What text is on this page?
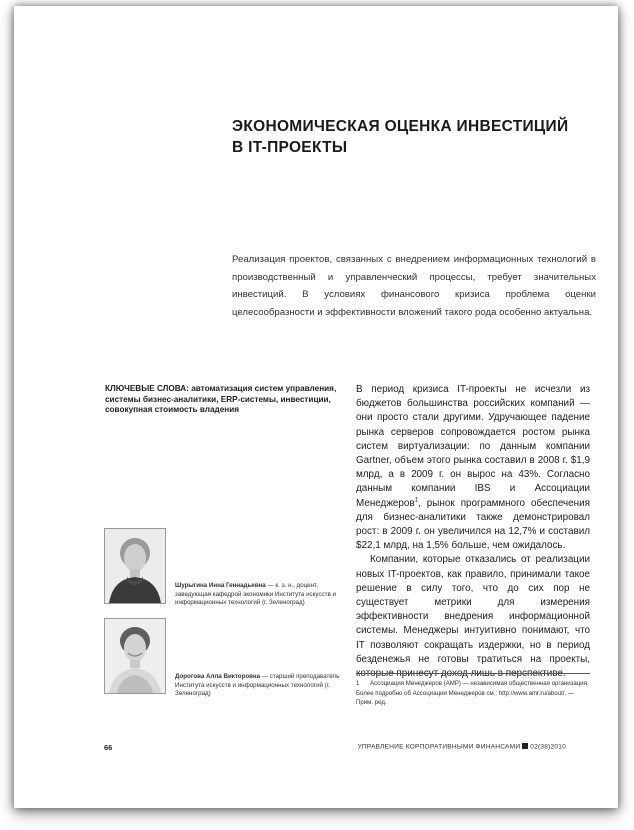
ЭКОНОМИЧЕСКАЯ ОЦЕНКА ИНВЕСТИЦИЙ
В IT-ПРОЕКТЫ
Реализация проектов, связанных с внедрением информационных технологий в производственный и управленческий процессы, требует значительных инвестиций. В условиях финансового кризиса проблема оценки целесообразности и эффективности вложений такого рода особенно актуальна.
КЛЮЧЕВЫЕ СЛОВА: автоматизация систем управления, системы бизнес-аналитики, ERP-системы, инвестиции, совокупная стоимость владения

В период кризиса IT-проекты не исчезли из бюджетов большинства российских компаний — они просто стали другими. Удручающее падение рынка серверов сопровождается ростом рынка систем виртуализации: по данным компании Gartner, объем этого рынка составил в 2008 г. $1,9 млрд, а в 2009 г. он вырос на 43%. Согласно данным компании IBS и Ассоциации Менеджеров$^1$, рынок программного обеспечения для бизнес-аналитики также демонстрировал рост: в 2009 г. он увеличился на 12,7% и составил $22,1 млрд, на 1,5% больше, чем ожидалось.

Компании, которые отказались от реализации новых IT-проектов, как правило, принимали такое решение в силу того, что до сих пор не существует метрики для измерения эффективности внедрения информационной системы. Менеджеры интуитивно понимают, что IT позволяют сокращать издержки, но в период безденежья не готовы тратиться на проекты, которые принесут доход лишь в перспективе.

Шурыгина Инна Геннадьевна — к. э. н., доцент, заведующая кафедрой экономики Института искусств и информационных технологий (г. Зеленоград)
Дорогова Алла Викторовна — старший преподаватель Института искусств и информационных технологий (г. Зеленоград)
1 Ассоциация Менеджеров (АМР) — независимая общественная организация. Более подробно об Ассоциации Менеджеров см.: http://www.amr.ru/about/. — Прим. ред.
66	УПРАВЛЕНИЕ КОРПОРАТИВНЫМИ ФИНАНСАМИ 02(38)2010
